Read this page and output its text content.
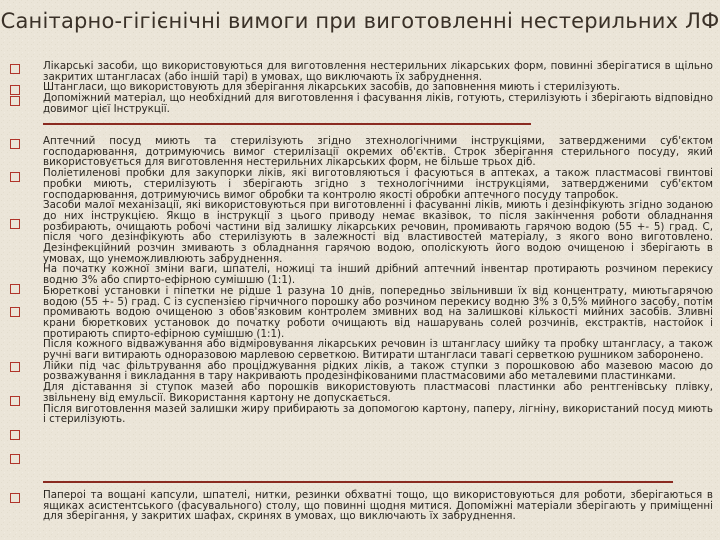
Санітарно-гігієнічні вимоги при виготовленні нестерильних ЛФ

Лікарські засоби, що використовуються для виготовлення нестерильних лікарських форм, повинні зберігатися в щільно закритих штангласах (або іншій тарі) в умовах, що виключають їх забруднення.

Штанглаcи, що використовують для зберігання лікарських засобів, до заповнення миють і стерилізують.

Допоміжний матеріал, що необхідний для виготовлення і фасування ліків, готують, стерилізують і зберігають відповідно довимог цієї Інструкції.

Аптечний посуд миють та стерилізують згідно зтехнологічними інструкціями, затвердженими суб'єктом господарювання, дотримуючись вимог стерилізації окремих об'єктів. Строк зберігання стерильного посуду, який використовується для виготовлення нестерильних лікарських форм, не більше трьох діб.

Поліетиленові пробки для закупорки ліків, які виготовляються і фасуються в аптеках, а також пластмасові гвинтові пробки миють, стерилізують і зберігають згідно з технологічними інструкціями, затвердженими суб'єктом господарювання, дотримуючись вимог обробки та контролю якості обробки аптечного посуду тапробок.

Засоби малої механізації, які використовуються при виготовленні і фасуванні ліків, миють і дезінфікують згідно зоданою до них інструкцією. Якщо в інструкції з цього приводу немає вказівок, то після закінчення роботи обладнання розбирають, очищають робочі частини від залишку лікарських речовин, промивають гарячою водою (55 +- 5) град. С, після чого дезінфікують або стерилізують в залежності від властивостей матеріалу, з якого воно виготовлено. Дезінфекційний розчин змивають з обладнання гарячою водою, ополіскують його водою очищеною і зберігають в умовах, що унеможливлюють забруднення.

На початку кожної зміни ваги, шпателі, ножиці та інший дрібний аптечний інвентар протирають розчином перекису водню 3% або спирто-ефірною сумішшю (1:1).

Бюреткові установки і піпетки не рідше 1 разуна 10 днів, попередньо звільнивши їх від концентрату, миютьгарячою водою (55 +- 5) град. С із суспензією гірчичного порошку або розчином перекису водню 3% з 0,5% мийного засобу, потім промивають водою очищеною з обов'язковим контролем змивних вод на залишкові кількості мийних засобів. Зливні крани бюреткових установок до початку роботи очищають від нашарувань солей розчинів, екстрактів, настойок і протирають спирто-ефірною сумішшю (1:1).

Після кожного відважування або відміровування лікарських речовин із штанглаcу шийку та пробку штанглаcу, а також ручні ваги витирають одноразовою марлевою серветкою. Витирати штанглаcи тавагі серветкою рушником заборонено.

Лійки під час фільтрування або проціджування рідких ліків, а також ступки з порошковою або мазевою масою до розважування і викладання в тару накривають продезінфікованими пластмасовими або металевими пластинками.

Для діставання зі ступок мазей або порошків використовують пластмасові пластинки або рентгенівську плівку, звільнену від емульсії. Використання картону не допускається.

Після виготовлення мазей залишки жиру прибирають за допомогою картону, паперу, лігніну, використаний посуд миють і стерилізують.

Папероі та вощані капсули, шпателі, нитки, резинки обхватні тощо, що використовуються для роботи, зберігаються в ящиках асистентського (фасувального) столу, що повинні щодня митися. Допоміжні матеріали зберігають у приміщенні для зберігання, у закритих шафах, скринях в умовах, що виключають їх забруднення.
